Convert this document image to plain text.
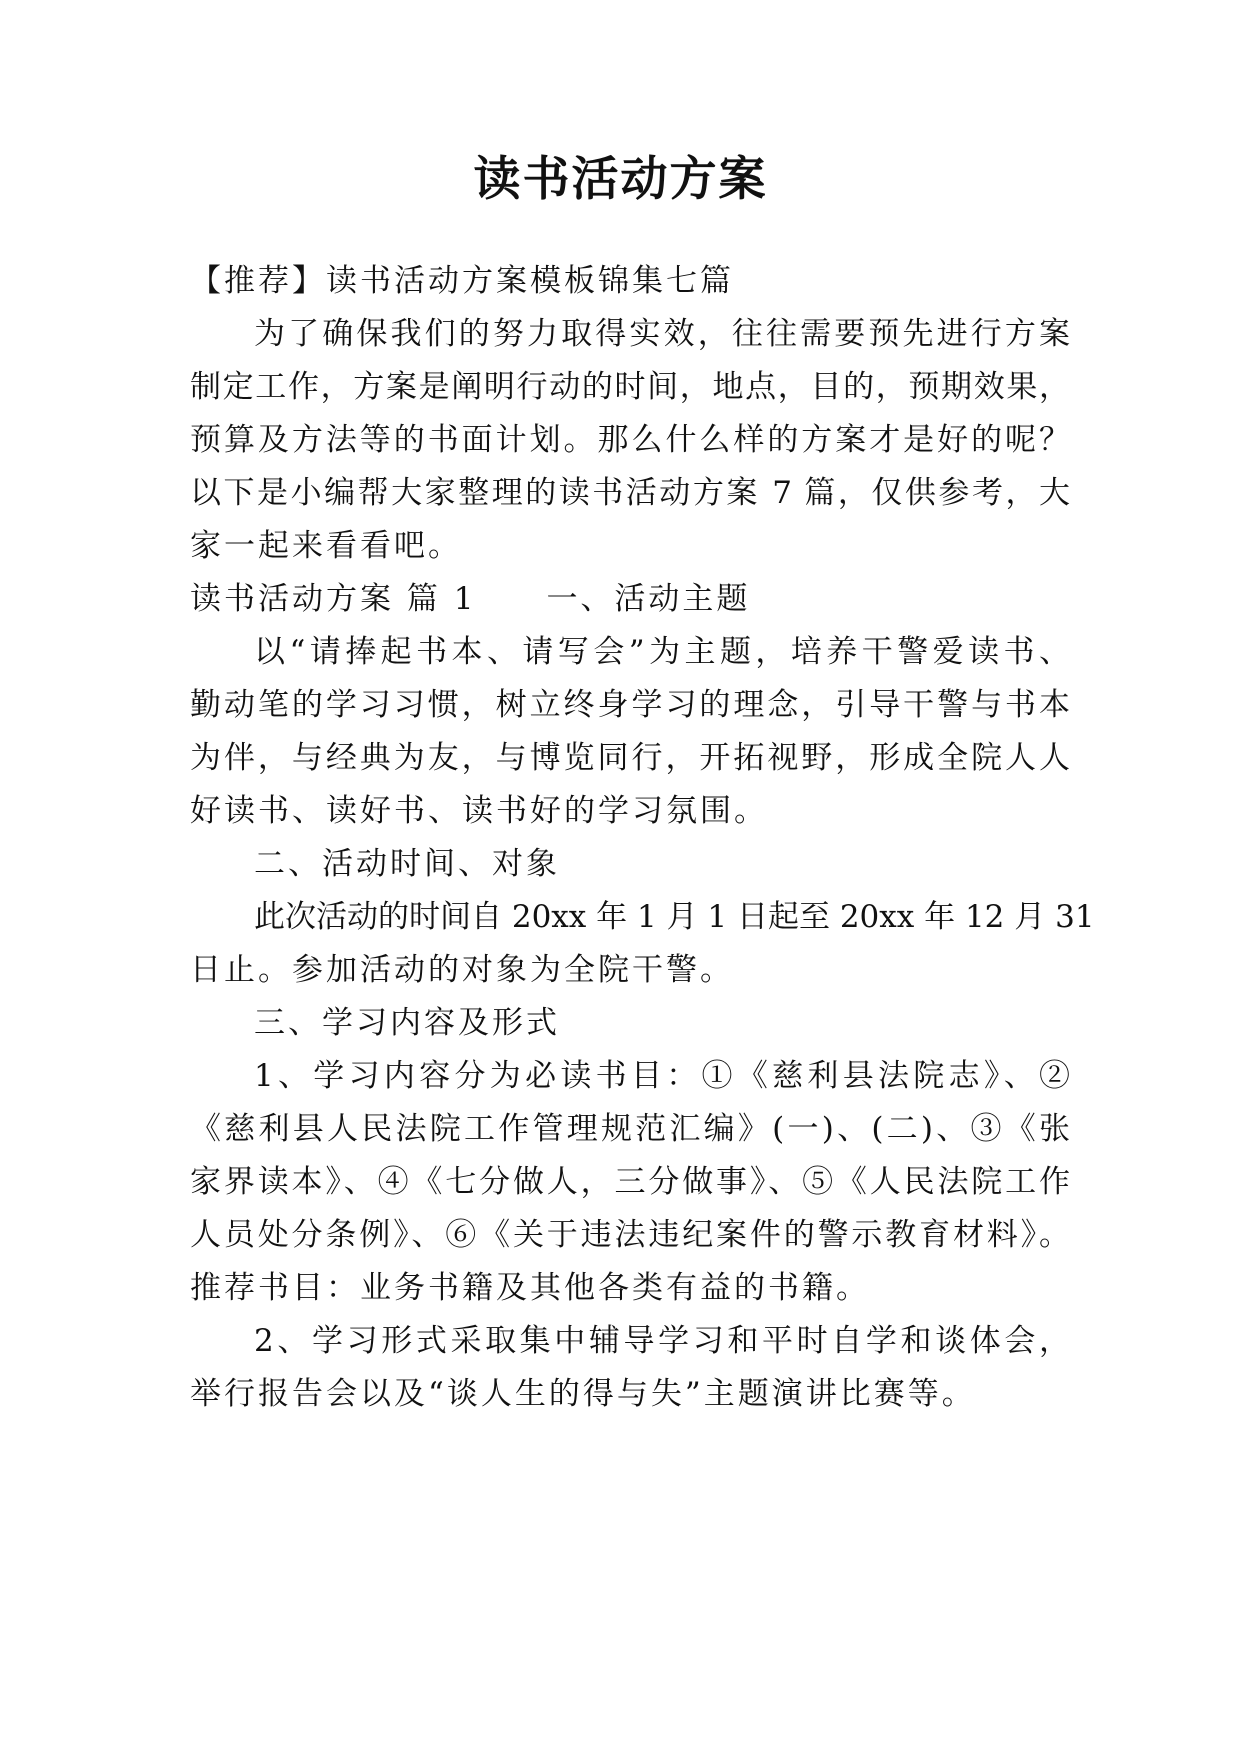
读书活动方案
【推荐】读书活动方案模板锦集七篇
为了确保我们的努力取得实效，往往需要预先进行方案
制定工作，方案是阐明行动的时间，地点，目的，预期效果，
预算及方法等的书面计划。那么什么样的方案才是好的呢？
以下是小编帮大家整理的读书活动方案 7 篇，仅供参考，大
家一起来看看吧。
读书活动方案 篇 1 一、活动主题
以“请捧起书本、请写会”为主题，培养干警爱读书、
勤动笔的学习习惯，树立终身学习的理念，引导干警与书本
为伴，与经典为友，与博览同行，开拓视野，形成全院人人
好读书、读好书、读书好的学习氛围。
二、活动时间、对象
此次活动的时间自 20xx 年 1 月 1 日起至 20xx 年 12 月 31
日止。参加活动的对象为全院干警。
三、学习内容及形式
1、学习内容分为必读书目：①《慈利县法院志》、②
《慈利县人民法院工作管理规范汇编》(一)、(二)、③《张
家界读本》、④《七分做人，三分做事》、⑤《人民法院工作
人员处分条例》、⑥《关于违法违纪案件的警示教育材料》。
推荐书目：业务书籍及其他各类有益的书籍。
2、学习形式采取集中辅导学习和平时自学和谈体会，
举行报告会以及“谈人生的得与失”主题演讲比赛等。
